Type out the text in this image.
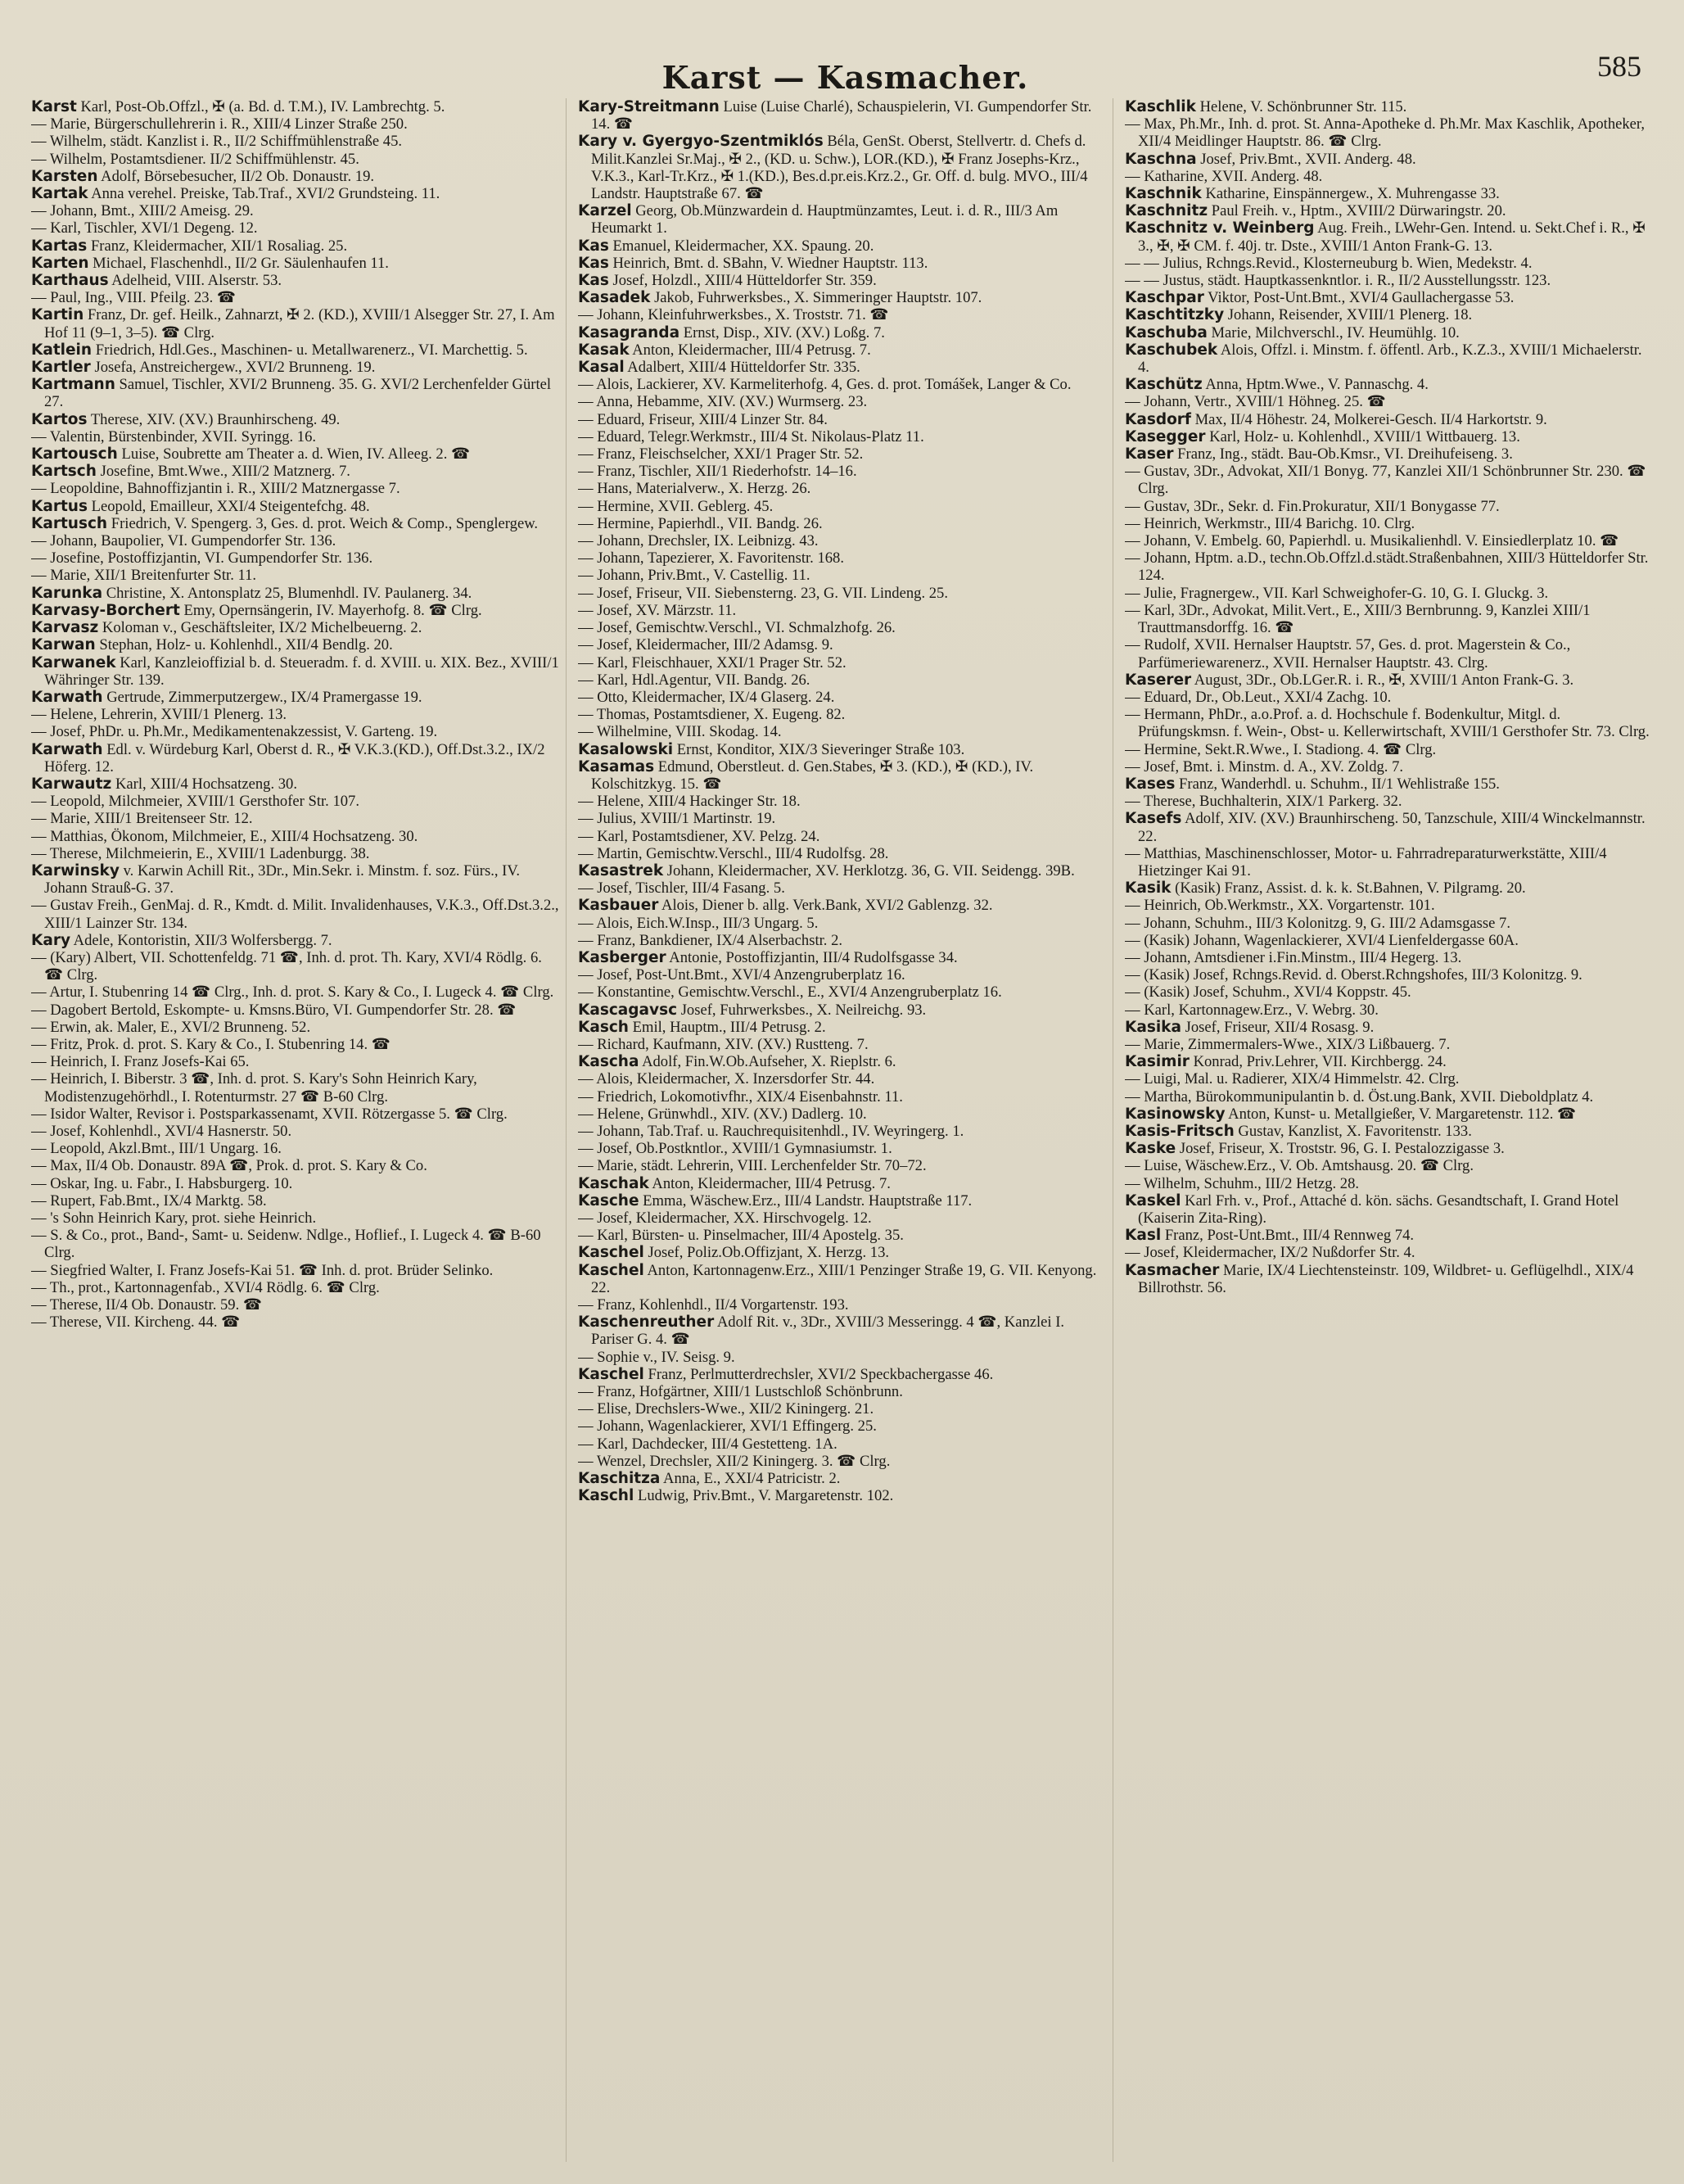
Karst — Kasmacher.	585

Karst Karl, Post-Ob.Offzl., ✠ (a. Bd. d. T.M.), IV. Lambrechtg. 5.

— Marie, Bürgerschullehrerin i. R., XIII/4 Linzer Straße 250.

— Wilhelm, städt. Kanzlist i. R., II/2 Schiffmühlenstraße 45.

— Wilhelm, Postamtsdiener. II/2 Schiffmühlenstr. 45.

Karsten Adolf, Börsebesucher, II/2 Ob. Donaustr. 19.

Kartak Anna verehel. Preiske, Tab.Traf., XVI/2 Grundsteing. 11.

— Johann, Bmt., XIII/2 Ameisg. 29.

— Karl, Tischler, XVI/1 Degeng. 12.

Kartas Franz, Kleidermacher, XII/1 Rosaliag. 25.

Karten Michael, Flaschenhdl., II/2 Gr. Säulenhaufen 11.

Karthaus Adelheid, VIII. Alserstr. 53.

— Paul, Ing., VIII. Pfeilg. 23. ☎

Kartin Franz, Dr. gef. Heilk., Zahnarzt, ✠ 2. (KD.), XVIII/1 Alsegger Str. 27, I. Am Hof 11 (9–1, 3–5). ☎ Clrg.

Katlein Friedrich, Hdl.Ges., Maschinen- u. Metallwarenerz., VI. Marchettig. 5.

Kartler Josefa, Anstreichergew., XVI/2 Brunneng. 19.

Kartmann Samuel, Tischler, XVI/2 Brunneng. 35. G. XVI/2 Lerchenfelder Gürtel 27.

Kartos Therese, XIV. (XV.) Braunhirscheng. 49.

— Valentin, Bürstenbinder, XVII. Syringg. 16.

Kartousch Luise, Soubrette am Theater a. d. Wien, IV. Alleeg. 2. ☎

Kartsch Josefine, Bmt.Wwe., XIII/2 Matznerg. 7.

— Leopoldine, Bahnoffizjantin i. R., XIII/2 Matznergasse 7.

Kartus Leopold, Emailleur, XXI/4 Steigentefchg. 48.

Kartusch Friedrich, V. Spengerg. 3, Ges. d. prot. Weich & Comp., Spenglergew.

— Johann, Baupolier, VI. Gumpendorfer Str. 136.

— Josefine, Postoffizjantin, VI. Gumpendorfer Str. 136.

— Marie, XII/1 Breitenfurter Str. 11.

Karunka Christine, X. Antonsplatz 25, Blumenhdl. IV. Paulanerg. 34.

Karvasy-Borchert Emy, Opernsängerin, IV. Mayerhofg. 8. ☎ Clrg.

Karvasz Koloman v., Geschäftsleiter, IX/2 Michelbeuerng. 2.

Karwan Stephan, Holz- u. Kohlenhdl., XII/4 Bendlg. 20.

Karwanek Karl, Kanzleioffizial b. d. Steueradm. f. d. XVIII. u. XIX. Bez., XVIII/1 Währinger Str. 139.

Karwath Gertrude, Zimmerputzergew., IX/4 Pramergasse 19.

— Helene, Lehrerin, XVIII/1 Plenerg. 13.

— Josef, PhDr. u. Ph.Mr., Medikamentenakzessist, V. Garteng. 19.

Karwath Edl. v. Würdeburg Karl, Oberst d. R., ✠ V.K.3.(KD.), Off.Dst.3.2., IX/2 Höferg. 12.

Karwautz Karl, XIII/4 Hochsatzeng. 30.

— Leopold, Milchmeier, XVIII/1 Gersthofer Str. 107.

— Marie, XIII/1 Breitenseer Str. 12.

— Matthias, Ökonom, Milchmeier, E., XIII/4 Hochsatzeng. 30.

— Therese, Milchmeierin, E., XVIII/1 Ladenburgg. 38.

Karwinsky v. Karwin Achill Rit., 3Dr., Min.Sekr. i. Minstm. f. soz. Fürs., IV. Johann Strauß-G. 37.

— Gustav Freih., GenMaj. d. R., Kmdt. d. Milit. Invalidenhauses, V.K.3., Off.Dst.3.2., XIII/1 Lainzer Str. 134.

Kary Adele, Kontoristin, XII/3 Wolfersbergg. 7.

— (Kary) Albert, VII. Schottenfeldg. 71 ☎, Inh. d. prot. Th. Kary, XVI/4 Rödlg. 6. ☎ Clrg.

— Artur, I. Stubenring 14 ☎ Clrg., Inh. d. prot. S. Kary & Co., I. Lugeck 4. ☎ Clrg.

— Dagobert Bertold, Eskompte- u. Kmsns.Büro, VI. Gumpendorfer Str. 28. ☎

— Erwin, ak. Maler, E., XVI/2 Brunneng. 52.

— Fritz, Prok. d. prot. S. Kary & Co., I. Stubenring 14. ☎

— Heinrich, I. Franz Josefs-Kai 65.

— Heinrich, I. Biberstr. 3 ☎, Inh. d. prot. S. Kary's Sohn Heinrich Kary, Modistenzugehörhdl., I. Rotenturmstr. 27 ☎ B-60 Clrg.

— Isidor Walter, Revisor i. Postsparkassenamt, XVII. Rötzergasse 5. ☎ Clrg.

— Josef, Kohlenhdl., XVI/4 Hasnerstr. 50.

— Leopold, Akzl.Bmt., III/1 Ungarg. 16.

— Max, II/4 Ob. Donaustr. 89A ☎, Prok. d. prot. S. Kary & Co.

— Oskar, Ing. u. Fabr., I. Habsburgerg. 10.

— Rupert, Fab.Bmt., IX/4 Marktg. 58.

— 's Sohn Heinrich Kary, prot. siehe Heinrich.

— S. & Co., prot., Band-, Samt- u. Seidenw. Ndlge., Hoflief., I. Lugeck 4. ☎ B-60 Clrg.

— Siegfried Walter, I. Franz Josefs-Kai 51. ☎ Inh. d. prot. Brüder Selinko.

— Th., prot., Kartonnagenfab., XVI/4 Rödlg. 6. ☎ Clrg.

— Therese, II/4 Ob. Donaustr. 59. ☎

— Therese, VII. Kircheng. 44. ☎

Kary-Streitmann Luise (Luise Charlé), Schauspielerin, VI. Gumpendorfer Str. 14. ☎

Kary v. Gyergyo-Szentmiklós Béla, GenSt. Oberst, Stellvertr. d. Chefs d. Milit.Kanzlei Sr.Maj., ✠ 2., (KD. u. Schw.), LOR.(KD.), ✠ Franz Josephs-Krz., V.K.3., Karl-Tr.Krz., ✠ 1.(KD.), Bes.d.pr.eis.Krz.2., Gr. Off. d. bulg. MVO., III/4 Landstr. Hauptstraße 67. ☎

Karzel Georg, Ob.Münzwardein d. Hauptmünzamtes, Leut. i. d. R., III/3 Am Heumarkt 1.

Kas Emanuel, Kleidermacher, XX. Spaung. 20.

Kas Heinrich, Bmt. d. SBahn, V. Wiedner Hauptstr. 113.

Kas Josef, Holzdl., XIII/4 Hütteldorfer Str. 359.

Kasadek Jakob, Fuhrwerksbes., X. Simmeringer Hauptstr. 107.

— Johann, Kleinfuhrwerksbes., X. Troststr. 71. ☎

Kasagranda Ernst, Disp., XIV. (XV.) Loßg. 7.

Kasak Anton, Kleidermacher, III/4 Petrusg. 7.

Kasal Adalbert, XIII/4 Hütteldorfer Str. 335.

— Alois, Lackierer, XV. Karmeliterhofg. 4, Ges. d. prot. Tomášek, Langer & Co.

— Anna, Hebamme, XIV. (XV.) Wurmserg. 23.

— Eduard, Friseur, XIII/4 Linzer Str. 84.

— Eduard, Telegr.Werkmstr., III/4 St. Nikolaus-Platz 11.

— Franz, Fleischselcher, XXI/1 Prager Str. 52.

— Franz, Tischler, XII/1 Riederhofstr. 14–16.

— Hans, Materialverw., X. Herzg. 26.

— Hermine, XVII. Geblerg. 45.

— Hermine, Papierhdl., VII. Bandg. 26.

— Johann, Drechsler, IX. Leibnizg. 43.

— Johann, Tapezierer, X. Favoritenstr. 168.

— Johann, Priv.Bmt., V. Castellig. 11.

— Josef, Friseur, VII. Siebensterng. 23, G. VII. Lindeng. 25.

— Josef, XV. Märzstr. 11.

— Josef, Gemischtw.Verschl., VI. Schmalzhofg. 26.

— Josef, Kleidermacher, III/2 Adamsg. 9.

— Karl, Fleischhauer, XXI/1 Prager Str. 52.

— Karl, Hdl.Agentur, VII. Bandg. 26.

— Otto, Kleidermacher, IX/4 Glaserg. 24.

— Thomas, Postamtsdiener, X. Eugeng. 82.

— Wilhelmine, VIII. Skodag. 14.

Kasalowski Ernst, Konditor, XIX/3 Sieveringer Straße 103.

Kasamas Edmund, Oberstleut. d. Gen.Stabes, ✠ 3. (KD.), ✠ (KD.), IV. Kolschitzkyg. 15. ☎

— Helene, XIII/4 Hackinger Str. 18.

— Julius, XVIII/1 Martinstr. 19.

— Karl, Postamtsdiener, XV. Pelzg. 24.

— Martin, Gemischtw.Verschl., III/4 Rudolfsg. 28.

Kasastrek Johann, Kleidermacher, XV. Herklotzg. 36, G. VII. Seidengg. 39B.

— Josef, Tischler, III/4 Fasang. 5.

Kasbauer Alois, Diener b. allg. Verk.Bank, XVI/2 Gablenzg. 32.

— Alois, Eich.W.Insp., III/3 Ungarg. 5.

— Franz, Bankdiener, IX/4 Alserbachstr. 2.

Kasberger Antonie, Postoffizjantin, III/4 Rudolfsgasse 34.

— Josef, Post-Unt.Bmt., XVI/4 Anzengruberplatz 16.

— Konstantine, Gemischtw.Verschl., E., XVI/4 Anzengruberplatz 16.

Kascagavsc Josef, Fuhrwerksbes., X. Neilreichg. 93.

Kasch Emil, Hauptm., III/4 Petrusg. 2.

— Richard, Kaufmann, XIV. (XV.) Rustteng. 7.

Kascha Adolf, Fin.W.Ob.Aufseher, X. Rieplstr. 6.

— Alois, Kleidermacher, X. Inzersdorfer Str. 44.

— Friedrich, Lokomotivfhr., XIX/4 Eisenbahnstr. 11.

— Helene, Grünwhdl., XIV. (XV.) Dadlerg. 10.

— Johann, Tab.Traf. u. Rauchrequisitenhdl., IV. Weyringerg. 1.

— Josef, Ob.Postkntlor., XVIII/1 Gymnasiumstr. 1.

— Marie, städt. Lehrerin, VIII. Lerchenfelder Str. 70–72.

Kaschak Anton, Kleidermacher, III/4 Petrusg. 7.

Kasche Emma, Wäschew.Erz., III/4 Landstr. Hauptstraße 117.

— Josef, Kleidermacher, XX. Hirschvogelg. 12.

— Karl, Bürsten- u. Pinselmacher, III/4 Apostelg. 35.

Kaschel Josef, Poliz.Ob.Offizjant, X. Herzg. 13.

Kaschel Anton, Kartonnagenw.Erz., XIII/1 Penzinger Straße 19, G. VII. Kenyong. 22.

— Franz, Kohlenhdl., II/4 Vorgartenstr. 193.

Kaschenreuther Adolf Rit. v., 3Dr., XVIII/3 Messeringg. 4 ☎, Kanzlei I. Pariser G. 4. ☎

— Sophie v., IV. Seisg. 9.

Kaschel Franz, Perlmutterdrechsler, XVI/2 Speckbachergasse 46.

— Franz, Hofgärtner, XIII/1 Lustschloß Schönbrunn.

— Elise, Drechslers-Wwe., XII/2 Kiningerg. 21.

— Johann, Wagenlackierer, XVI/1 Effingerg. 25.

— Karl, Dachdecker, III/4 Gestetteng. 1A.

— Wenzel, Drechsler, XII/2 Kiningerg. 3. ☎ Clrg.

Kaschitza Anna, E., XXI/4 Patricistr. 2.

Kaschl Ludwig, Priv.Bmt., V. Margaretenstr. 102.

Kaschlik Helene, V. Schönbrunner Str. 115.

— Max, Ph.Mr., Inh. d. prot. St. Anna-Apotheke d. Ph.Mr. Max Kaschlik, Apotheker, XII/4 Meidlinger Hauptstr. 86. ☎ Clrg.

Kaschna Josef, Priv.Bmt., XVII. Anderg. 48.

— Katharine, XVII. Anderg. 48.

Kaschnik Katharine, Einspännergew., X. Muhrengasse 33.

Kaschnitz Paul Freih. v., Hptm., XVIII/2 Dürwaringstr. 20.

Kaschnitz v. Weinberg Aug. Freih., LWehr-Gen. Intend. u. Sekt.Chef i. R., ✠ 3., ✠, ✠ CM. f. 40j. tr. Dste., XVIII/1 Anton Frank-G. 13.

— — Julius, Rchngs.Revid., Klosterneuburg b. Wien, Medekstr. 4.

— — Justus, städt. Hauptkassenkntlor. i. R., II/2 Ausstellungsstr. 123.

Kaschpar Viktor, Post-Unt.Bmt., XVI/4 Gaullachergasse 53.

Kaschtitzky Johann, Reisender, XVIII/1 Plenerg. 18.

Kaschuba Marie, Milchverschl., IV. Heumühlg. 10.

Kaschubek Alois, Offzl. i. Minstm. f. öffentl. Arb., K.Z.3., XVIII/1 Michaelerstr. 4.

Kaschütz Anna, Hptm.Wwe., V. Pannaschg. 4.

— Johann, Vertr., XVIII/1 Höhneg. 25. ☎

Kasdorf Max, II/4 Höhestr. 24, Molkerei-Gesch. II/4 Harkortstr. 9.

Kasegger Karl, Holz- u. Kohlenhdl., XVIII/1 Wittbauerg. 13.

Kaser Franz, Ing., städt. Bau-Ob.Kmsr., VI. Dreihufeiseng. 3.

— Gustav, 3Dr., Advokat, XII/1 Bonyg. 77, Kanzlei XII/1 Schönbrunner Str. 230. ☎ Clrg.

— Gustav, 3Dr., Sekr. d. Fin.Prokuratur, XII/1 Bonygasse 77.

— Heinrich, Werkmstr., III/4 Barichg. 10. Clrg.

— Johann, V. Embelg. 60, Papierhdl. u. Musikalienhdl. V. Einsiedlerplatz 10. ☎

— Johann, Hptm. a.D., techn.Ob.Offzl.d.städt.Straßenbahnen, XIII/3 Hütteldorfer Str. 124.

— Julie, Fragnergew., VII. Karl Schweighofer-G. 10, G. I. Gluckg. 3.

— Karl, 3Dr., Advokat, Milit.Vert., E., XIII/3 Bernbrunng. 9, Kanzlei XIII/1 Trauttmansdorffg. 16. ☎

— Rudolf, XVII. Hernalser Hauptstr. 57, Ges. d. prot. Magerstein & Co., Parfümeriewarenerz., XVII. Hernalser Hauptstr. 43. Clrg.

Kaserer August, 3Dr., Ob.LGer.R. i. R., ✠, XVIII/1 Anton Frank-G. 3.

— Eduard, Dr., Ob.Leut., XXI/4 Zachg. 10.

— Hermann, PhDr., a.o.Prof. a. d. Hochschule f. Bodenkultur, Mitgl. d. Prüfungskmsn. f. Wein-, Obst- u. Kellerwirtschaft, XVIII/1 Gersthofer Str. 73. Clrg.

— Hermine, Sekt.R.Wwe., I. Stadiong. 4. ☎ Clrg.

— Josef, Bmt. i. Minstm. d. A., XV. Zoldg. 7.

Kases Franz, Wanderhdl. u. Schuhm., II/1 Wehlistraße 155.

— Therese, Buchhalterin, XIX/1 Parkerg. 32.

Kasefs Adolf, XIV. (XV.) Braunhirscheng. 50, Tanzschule, XIII/4 Winckelmannstr. 22.

— Matthias, Maschinenschlosser, Motor- u. Fahrradreparaturwerkstätte, XIII/4 Hietzinger Kai 91.

Kasik (Kasik) Franz, Assist. d. k. k. St.Bahnen, V. Pilgramg. 20.

— Heinrich, Ob.Werkmstr., XX. Vorgartenstr. 101.

— Johann, Schuhm., III/3 Kolonitzg. 9, G. III/2 Adamsgasse 7.

— (Kasik) Johann, Wagenlackierer, XVI/4 Lienfeldergasse 60A.

— Johann, Amtsdiener i.Fin.Minstm., III/4 Hegerg. 13.

— (Kasik) Josef, Rchngs.Revid. d. Oberst.Rchngshofes, III/3 Kolonitzg. 9.

— (Kasik) Josef, Schuhm., XVI/4 Koppstr. 45.

— Karl, Kartonnagew.Erz., V. Webrg. 30.

Kasika Josef, Friseur, XII/4 Rosasg. 9.

— Marie, Zimmermalers-Wwe., XIX/3 Lißbauerg. 7.

Kasimir Konrad, Priv.Lehrer, VII. Kirchbergg. 24.

— Luigi, Mal. u. Radierer, XIX/4 Himmelstr. 42. Clrg.

— Martha, Bürokommunipulantin b. d. Öst.ung.Bank, XVII. Dieboldplatz 4.

Kasinowsky Anton, Kunst- u. Metallgießer, V. Margaretenstr. 112. ☎

Kasis-Fritsch Gustav, Kanzlist, X. Favoritenstr. 133.

Kaske Josef, Friseur, X. Troststr. 96, G. I. Pestalozzigasse 3.

— Luise, Wäschew.Erz., V. Ob. Amtshausg. 20. ☎ Clrg.

— Wilhelm, Schuhm., III/2 Hetzg. 28.

Kaskel Karl Frh. v., Prof., Attaché d. kön. sächs. Gesandtschaft, I. Grand Hotel (Kaiserin Zita-Ring).

Kasl Franz, Post-Unt.Bmt., III/4 Rennweg 74.

— Josef, Kleidermacher, IX/2 Nußdorfer Str. 4.

Kasmacher Marie, IX/4 Liechtensteinstr. 109, Wildbret- u. Geflügelhdl., XIX/4 Billrothstr. 56.
